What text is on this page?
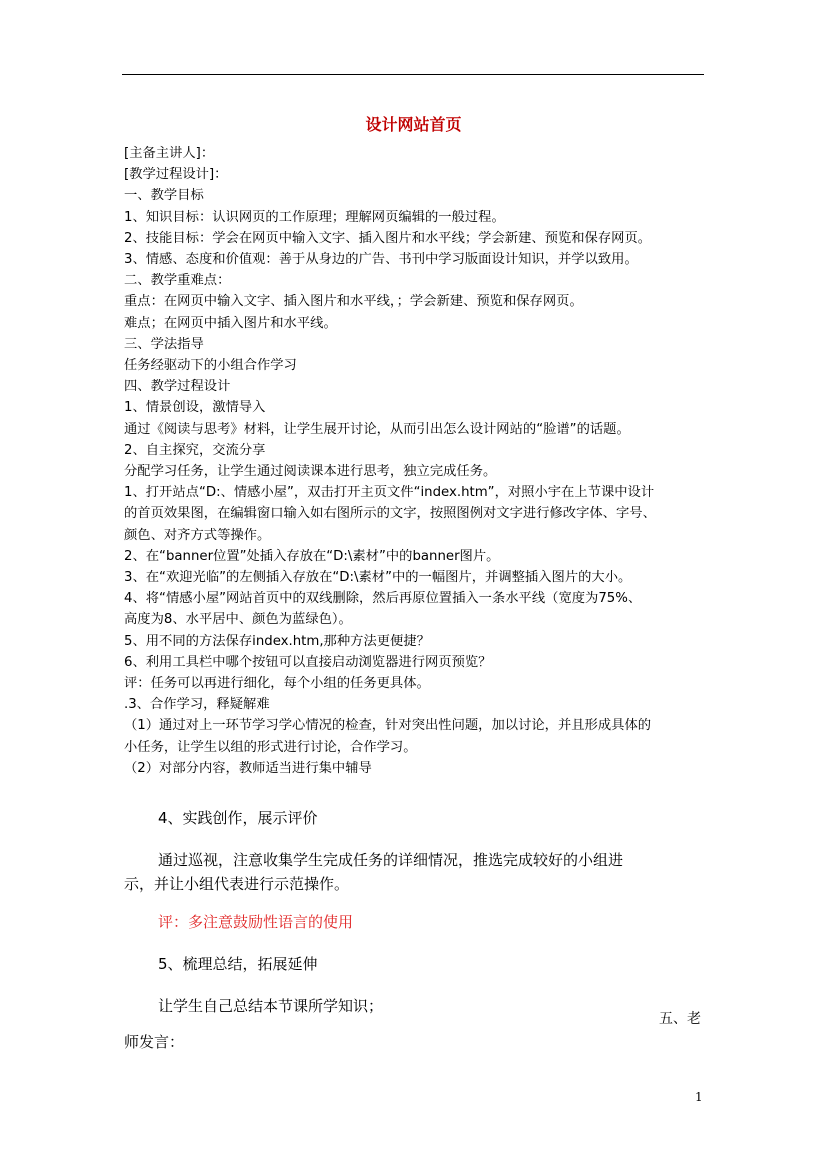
设计网站首页
[主备主讲人]：
[教学过程设计]：
一、教学目标
1、知识目标：认识网页的工作原理；理解网页编辑的一般过程。
2、技能目标：学会在网页中输入文字、插入图片和水平线；学会新建、预览和保存网页。
3、情感、态度和价值观：善于从身边的广告、书刊中学习版面设计知识，并学以致用。
二、教学重难点：
重点：在网页中输入文字、插入图片和水平线，；学会新建、预览和保存网页。
难点；在网页中插入图片和水平线。
三、学法指导
任务经驱动下的小组合作学习
四、教学过程设计
1、情景创设，激情导入
通过《阅读与思考》材料，让学生展开讨论，从而引出怎么设计网站的“脸谱”的话题。
2、自主探究，交流分享
分配学习任务，让学生通过阅读课本进行思考，独立完成任务。
1、打开站点“D:、情感小屋”，双击打开主页文件“index.htm”，对照小宇在上节课中设计
的首页效果图，在编辑窗口输入如右图所示的文字，按照图例对文字进行修改字体、字号、
颜色、对齐方式等操作。
2、在“banner位置”处插入存放在“D:\素材”中的banner图片。
3、在“欢迎光临”的左侧插入存放在“D:\素材”中的一幅图片，并调整插入图片的大小。
4、将“情感小屋”网站首页中的双线删除，然后再原位置插入一条水平线（宽度为75%、
高度为8、水平居中、颜色为蓝绿色）。
5、用不同的方法保存index.htm,那种方法更便捷？
6、利用工具栏中哪个按钮可以直接启动浏览器进行网页预览？
评：任务可以再进行细化，每个小组的任务更具体。
.3、合作学习，释疑解难
（1）通过对上一环节学习学心情况的检查，针对突出性问题，加以讨论，并且形成具体的
小任务，让学生以组的形式进行讨论，合作学习。
（2）对部分内容，教师适当进行集中辅导
4、实践创作，展示评价
通过巡视，注意收集学生完成任务的详细情况，推选完成较好的小组进
示，并让小组代表进行示范操作。
评：多注意鼓励性语言的使用
5、梳理总结，拓展延伸
让学生自己总结本节课所学知识；
五、老
师发言：
1
